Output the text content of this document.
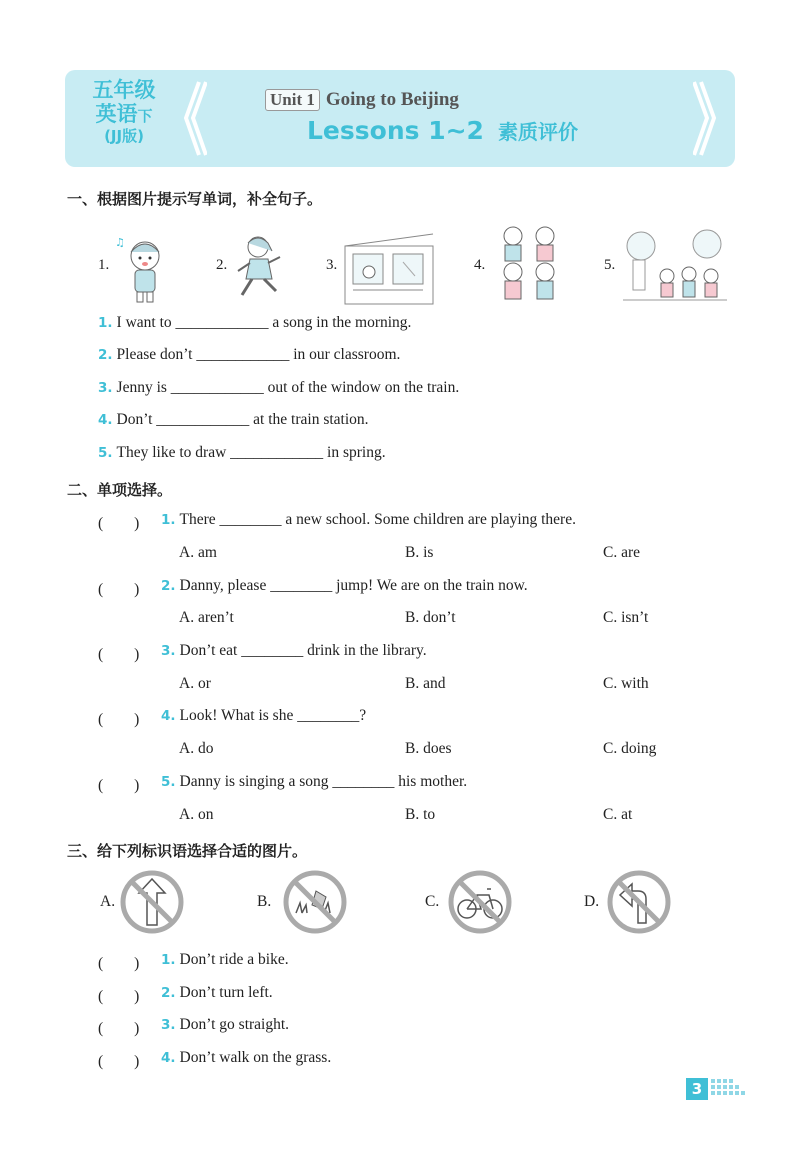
五年级
英语下
(JJ版)
Unit 1 Going to Beijing
Lessons 1~2 素质评价
一、根据图片提示写单词，补全句子。
1.
♫
2.	3.	4.	5.
1. I want to ____________ a song in the morning.
2. Please don’t ____________ in our classroom.
3. Jenny is ____________ out of the window on the train.
4. Don’t ____________ at the train station.
5. They like to draw ____________ in spring.
二、单项选择。
(　　) 1. There ________ a new school. Some children are playing there.
A. am	B. is	C. are
(　　) 2. Danny, please ________ jump! We are on the train now.
A. aren’t	B. don’t	C. isn’t
(　　) 3. Don’t eat ________ drink in the library.
A. or	B. and	C. with
(　　) 4. Look! What is she ________?
A. do	B. does	C. doing
(　　) 5. Danny is singing a song ________ his mother.
A. on	B. to	C. at
三、给下列标识语选择合适的图片。
A.	B.	C.	D.
(　　) 1. Don’t ride a bike.
(　　) 2. Don’t turn left.
(　　) 3. Don’t go straight.
(　　) 4. Don’t walk on the grass.
3
